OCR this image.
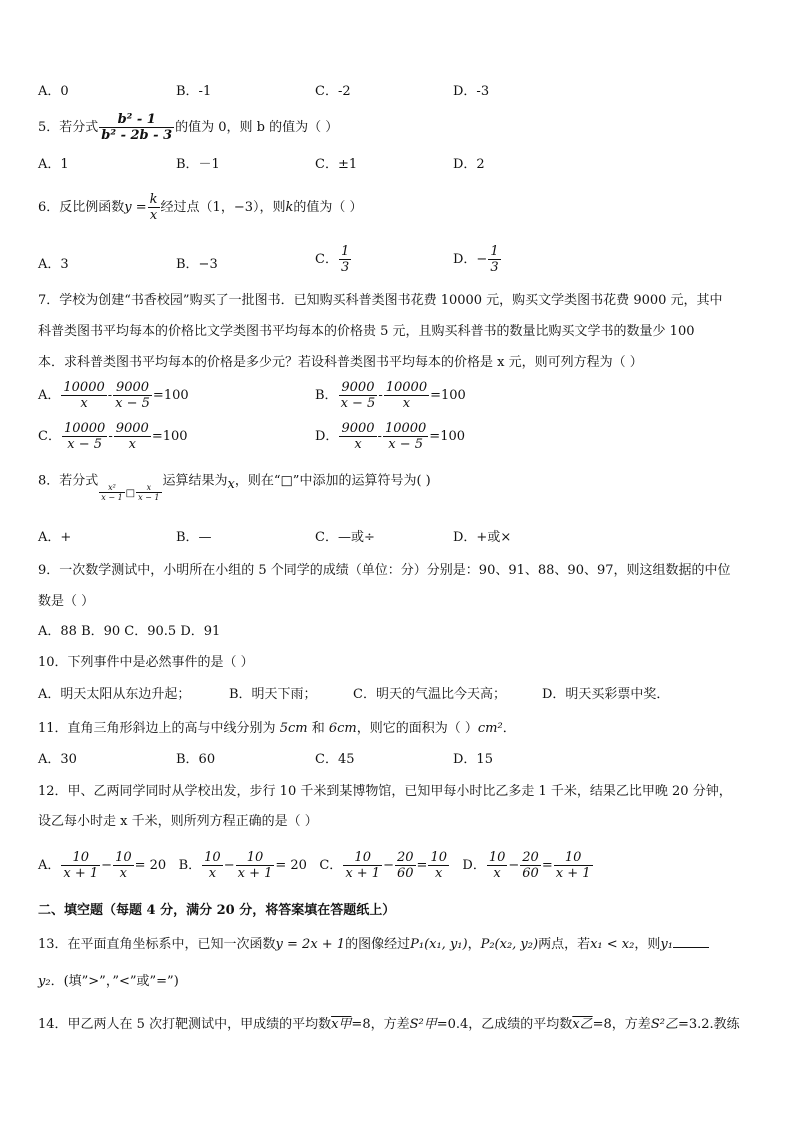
A．0	B．-1	C．-2	D．-3
5．若分式 $\frac{\text{b² - 1}}{\text{b² - 2b - 3}}$ 的值为 0，则 b 的值为（ ）
A．1	B．－1	C．±1	D．2
6．反比例函数$y = \frac{k}{x}$ 经过点（1，−3），则k的值为（ ）
A．3	B．−3	C． $\frac{1}{3}$	D．− $\frac{1}{3}$
7．学校为创建“书香校园”购买了一批图书．已知购买科普类图书花费 10000 元，购买文学类图书花费 9000 元，其中
科普类图书平均每本的价格比文学类图书平均每本的价格贵 5 元，且购买科普书的数量比购买文学书的数量少 100
本．求科普类图书平均每本的价格是多少元？若设科普类图书平均每本的价格是 x 元，则可列方程为（ ）
A． $\frac{10000}{x} - \frac{9000}{x - 5} =100$	B． $\frac{9000}{x - 5} - \frac{10000}{x} =100$
C． $\frac{10000}{x - 5} - \frac{9000}{x} =100$	D． $\frac{9000}{x} - \frac{10000}{x - 5} =100$
8．若分式
$\frac{\text{x²}}{x - 1}$ □ $\frac{x}{x - 1}$
运算结果为x，则在“□”中添加的运算符号为( )
A．+	B．—	C．—或÷	D．+或×
9．一次数学测试中，小明所在小组的 5 个同学的成绩（单位：分）分别是：90、91、88、90、97，则这组数据的中位
数是（ ）
A．88 B．90 C．90.5 D．91
10．下列事件中是必然事件的是（ ）
A．明天太阳从东边升起；	B．明天下雨；	C．明天的气温比今天高；	D．明天买彩票中奖．
11．直角三角形斜边上的高与中线分别为 5cm 和 6cm，则它的面积为（ ）cm²．
A．30	B．60	C．45	D．15
12．甲、乙两同学同时从学校出发，步行 10 千米到某博物馆，已知甲每小时比乙多走 1 千米，结果乙比甲晚 20 分钟，
设乙每小时走 x 千米，则所列方程正确的是（ ）
A． $\frac{10}{x + 1} - \frac{10}{x} = 20$ B． $\frac{10}{x} - \frac{10}{x + 1} = 20$ C． $\frac{10}{x + 1} - \frac{20}{60} = \frac{10}{x}$ D． $\frac{10}{x} - \frac{20}{60} = \frac{10}{x + 1}$
二、填空题（每题 4 分，满分 20 分，将答案填在答题纸上）
13．在平面直角坐标系中，已知一次函数y = 2x + 1的图像经过P₁(x₁, y₁)，P₂(x₂, y₂)两点，若x₁ < x₂，则y₁
y₂．(填”>”，”<”或”=”)
14．甲乙两人在 5 次打靶测试中，甲成绩的平均数x甲=8，方差S²甲=0.4，乙成绩的平均数x乙=8，方差S²乙=3.2.教练
